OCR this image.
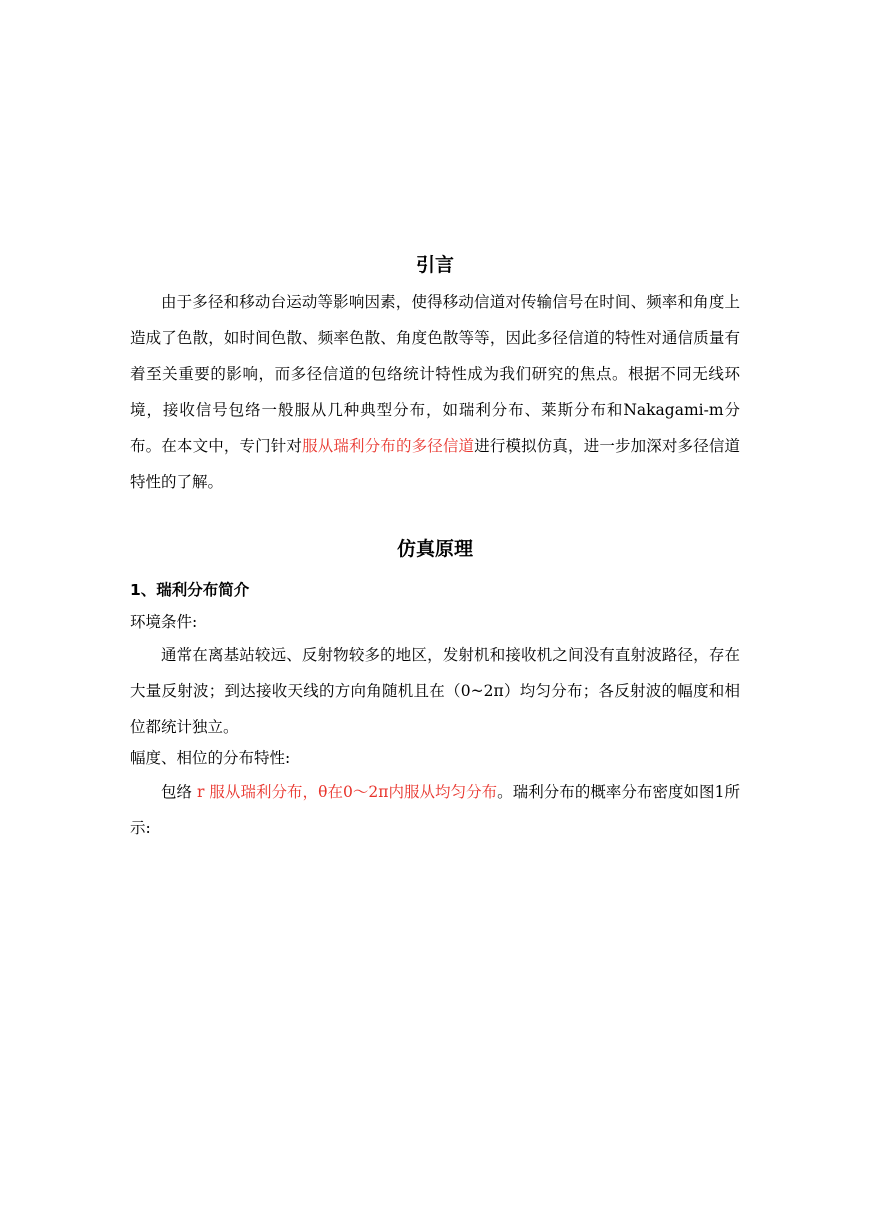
引言

由于多径和移动台运动等影响因素，使得移动信道对传输信号在时间、频率和角度上造成了色散，如时间色散、频率色散、角度色散等等，因此多径信道的特性对通信质量有着至关重要的影响，而多径信道的包络统计特性成为我们研究的焦点。根据不同无线环境，接收信号包络一般服从几种典型分布，如瑞利分布、莱斯分布和Nakagami-m分布。在本文中，专门针对服从瑞利分布的多径信道进行模拟仿真，进一步加深对多径信道特性的了解。

仿真原理
1、瑞利分布简介
环境条件:

通常在离基站较远、反射物较多的地区，发射机和接收机之间没有直射波路径，存在大量反射波；到达接收天线的方向角随机且在（0~2π）均匀分布；各反射波的幅度和相位都统计独立。

幅度、相位的分布特性:

包络 r 服从瑞利分布，θ在0～2π内服从均匀分布。瑞利分布的概率分布密度如图1所示:
